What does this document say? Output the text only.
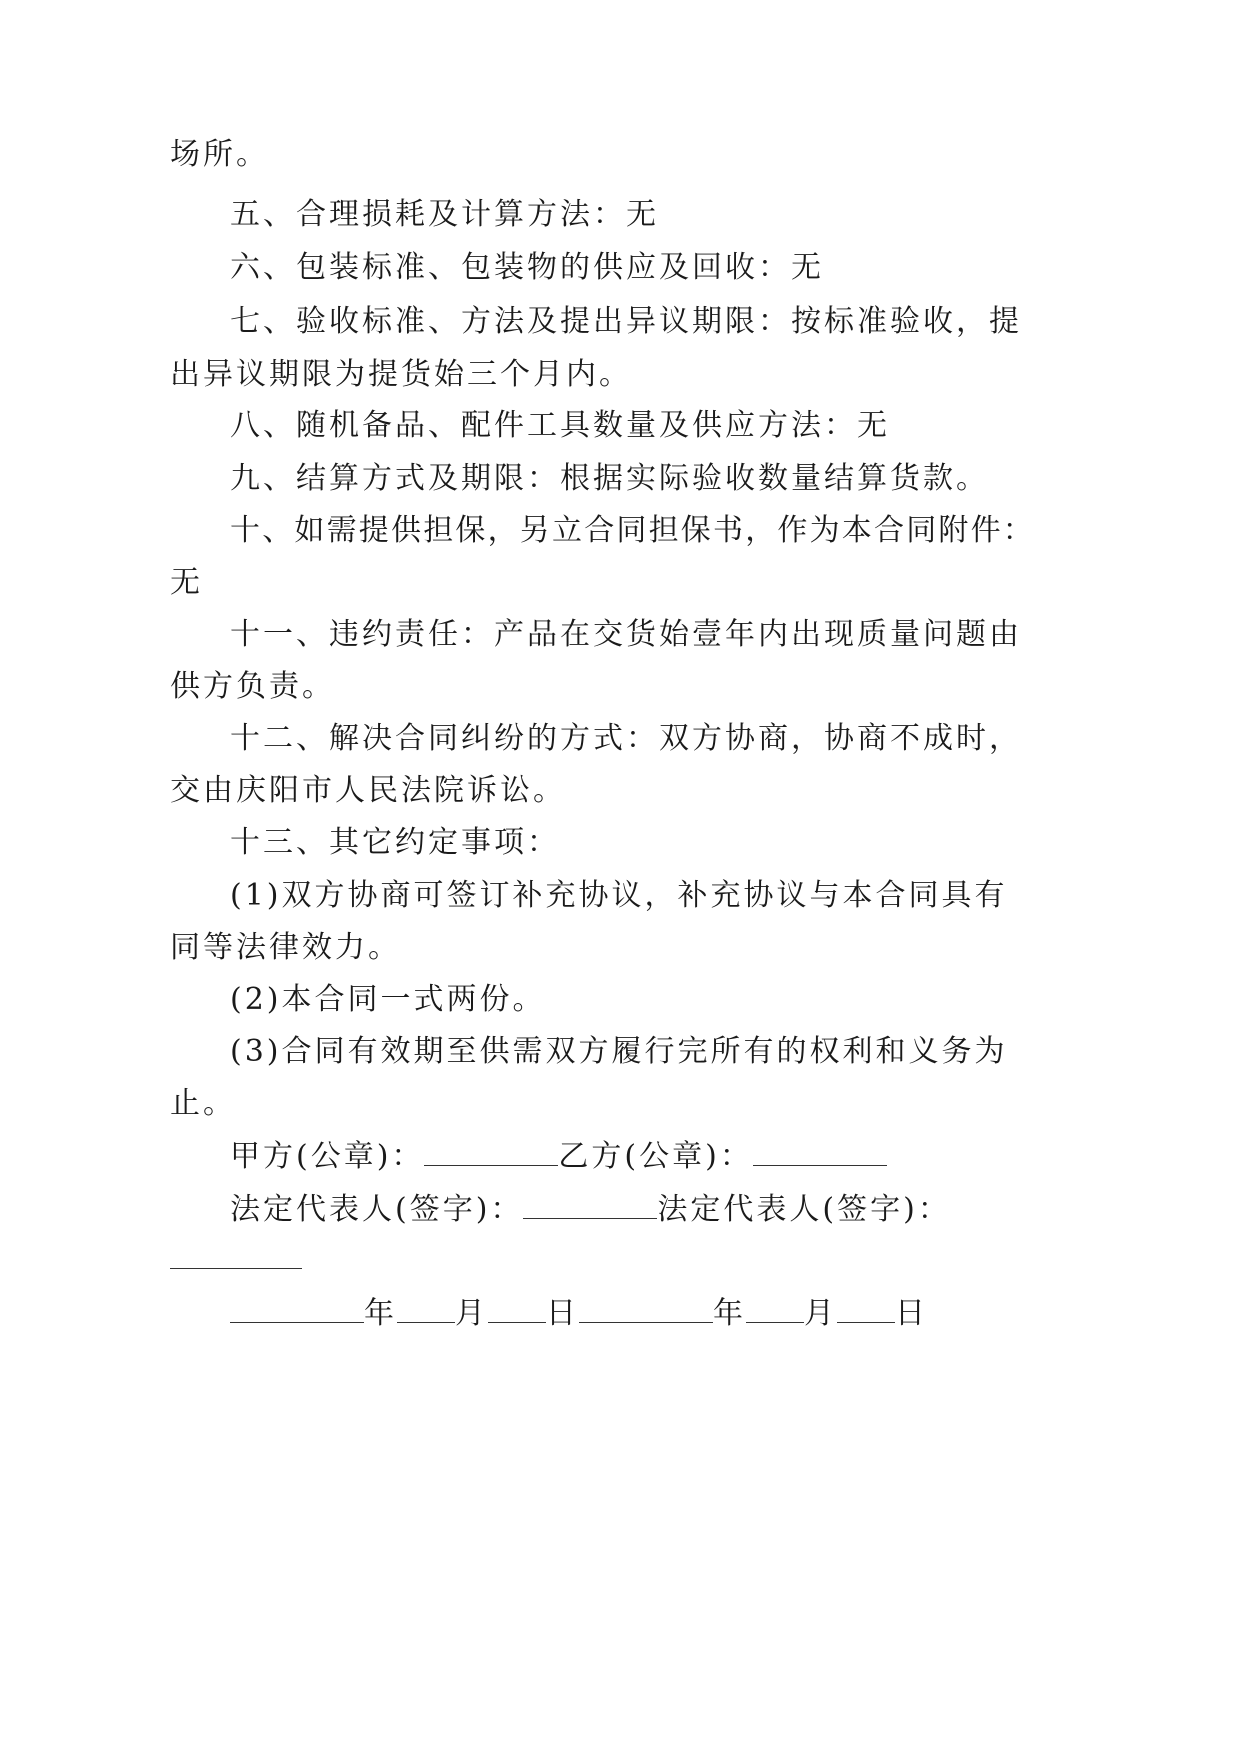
场所。
五、合理损耗及计算方法：无
六、包装标准、包装物的供应及回收：无
七、验收标准、方法及提出异议期限：按标准验收，提
出异议期限为提货始三个月内。
八、随机备品、配件工具数量及供应方法：无
九、结算方式及期限：根据实际验收数量结算货款。
十、如需提供担保，另立合同担保书，作为本合同附件：
无
十一、违约责任：产品在交货始壹年内出现质量问题由
供方负责。
十二、解决合同纠纷的方式：双方协商，协商不成时，
交由庆阳市人民法院诉讼。
十三、其它约定事项：
(1)双方协商可签订补充协议，补充协议与本合同具有
同等法律效力。
(2)本合同一式两份。
(3)合同有效期至供需双方履行完所有的权利和义务为
止。
甲方(公章)：	乙方(公章)：
法定代表人(签字)：	法定代表人(签字)：
年 月 日	年 月 日
